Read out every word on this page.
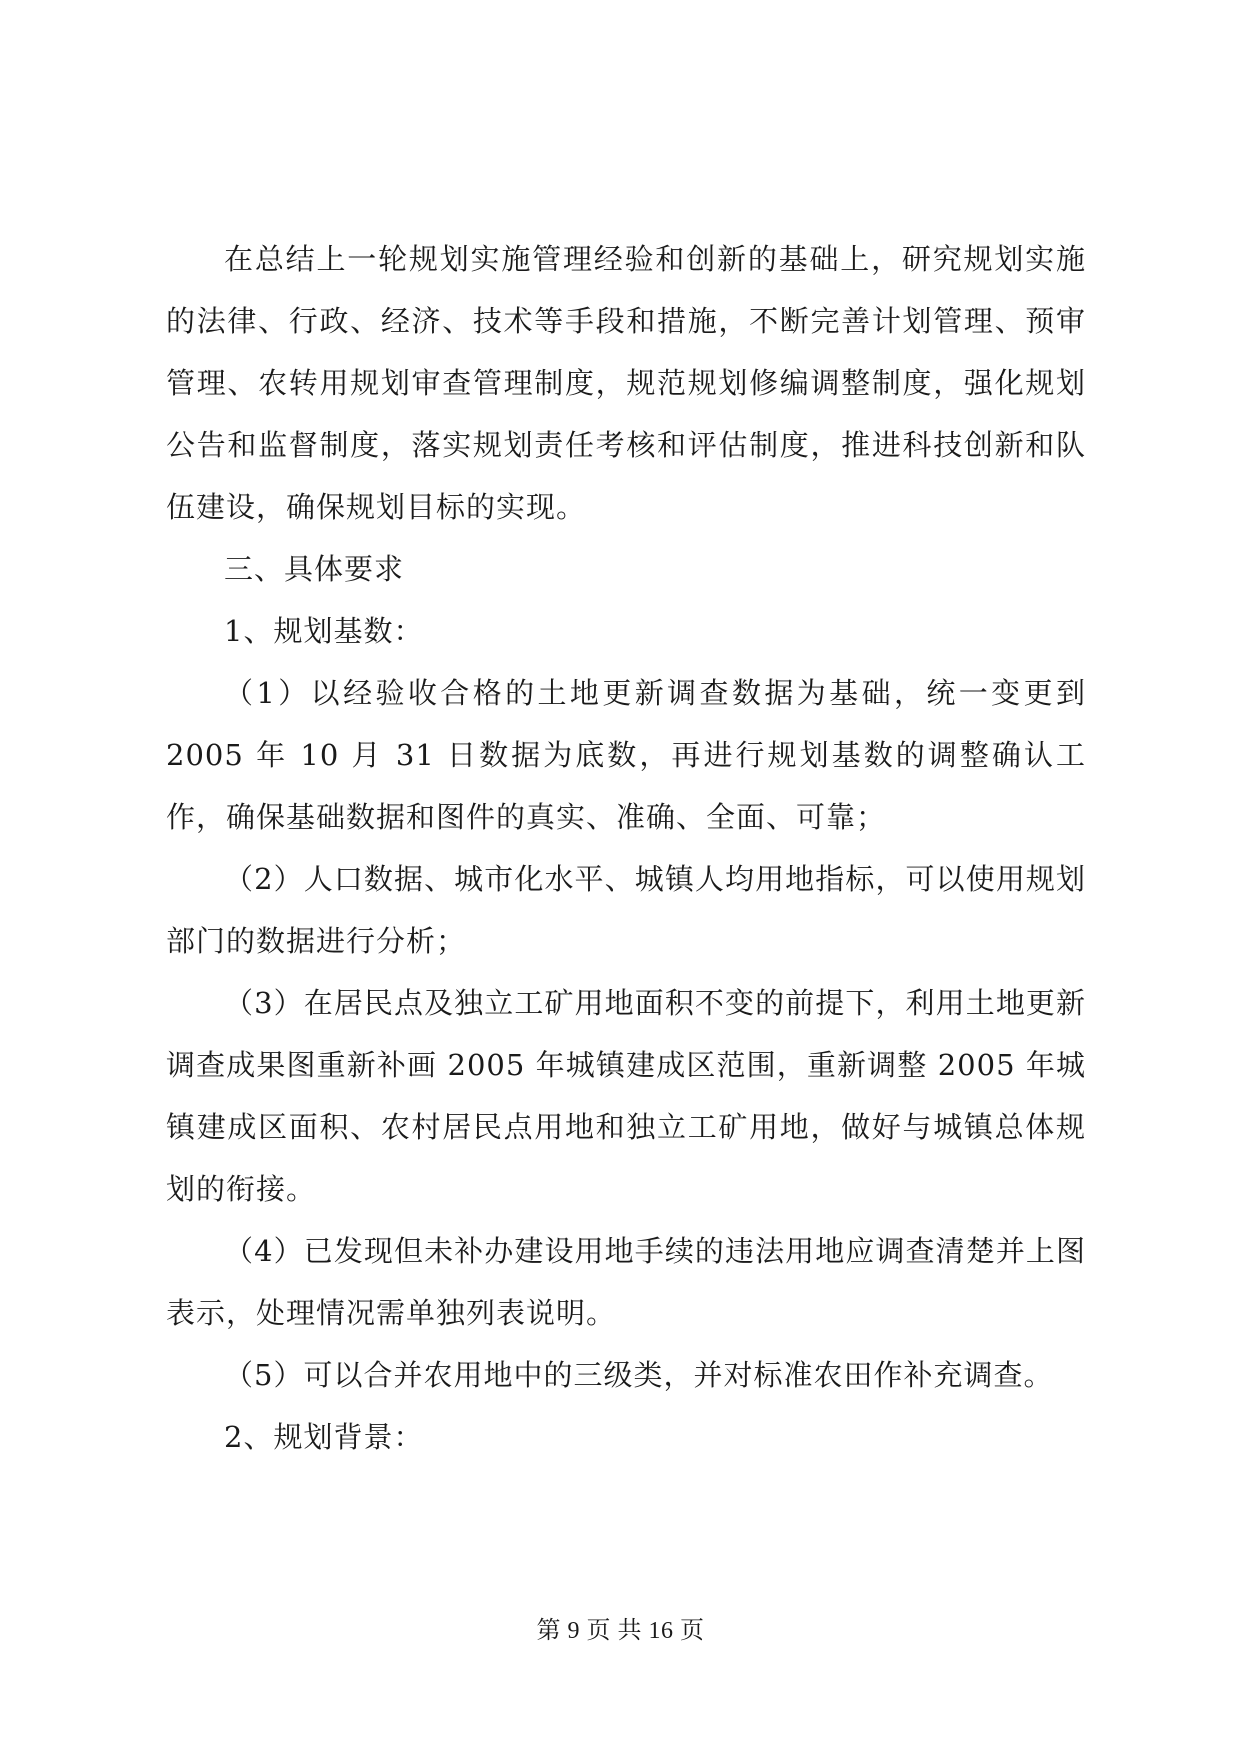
在总结上一轮规划实施管理经验和创新的基础上，研究规划实施的法律、行政、经济、技术等手段和措施，不断完善计划管理、预审管理、农转用规划审查管理制度，规范规划修编调整制度，强化规划公告和监督制度，落实规划责任考核和评估制度，推进科技创新和队伍建设，确保规划目标的实现。

三、具体要求

1、规划基数：

（1）以经验收合格的土地更新调查数据为基础，统一变更到 2005 年 10 月 31 日数据为底数，再进行规划基数的调整确认工作，确保基础数据和图件的真实、准确、全面、可靠；

（2）人口数据、城市化水平、城镇人均用地指标，可以使用规划部门的数据进行分析；

（3）在居民点及独立工矿用地面积不变的前提下，利用土地更新调查成果图重新补画 2005 年城镇建成区范围，重新调整 2005 年城镇建成区面积、农村居民点用地和独立工矿用地，做好与城镇总体规划的衔接。

（4）已发现但未补办建设用地手续的违法用地应调查清楚并上图表示，处理情况需单独列表说明。

（5）可以合并农用地中的三级类，并对标准农田作补充调查。

2、规划背景：

第 9 页 共 16 页
